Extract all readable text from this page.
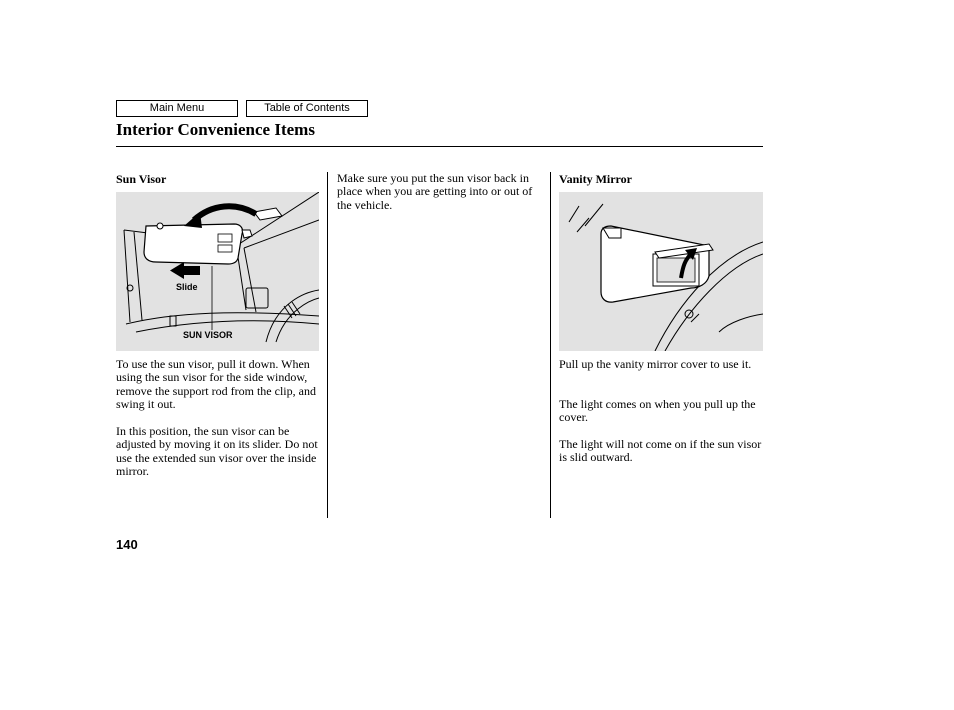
Main Menu	Table of Contents
Interior Convenience Items
Sun Visor
Slide
SUN VISOR

To use the sun visor, pull it down. When using the sun visor for the side window, remove the support rod from the clip, and swing it out.

In this position, the sun visor can be adjusted by moving it on its slider. Do not use the extended sun visor over the inside mirror.

Make sure you put the sun visor back in place when you are getting into or out of the vehicle.

Vanity Mirror

Pull up the vanity mirror cover to use it.

The light comes on when you pull up the cover.

The light will not come on if the sun visor is slid outward.

140
